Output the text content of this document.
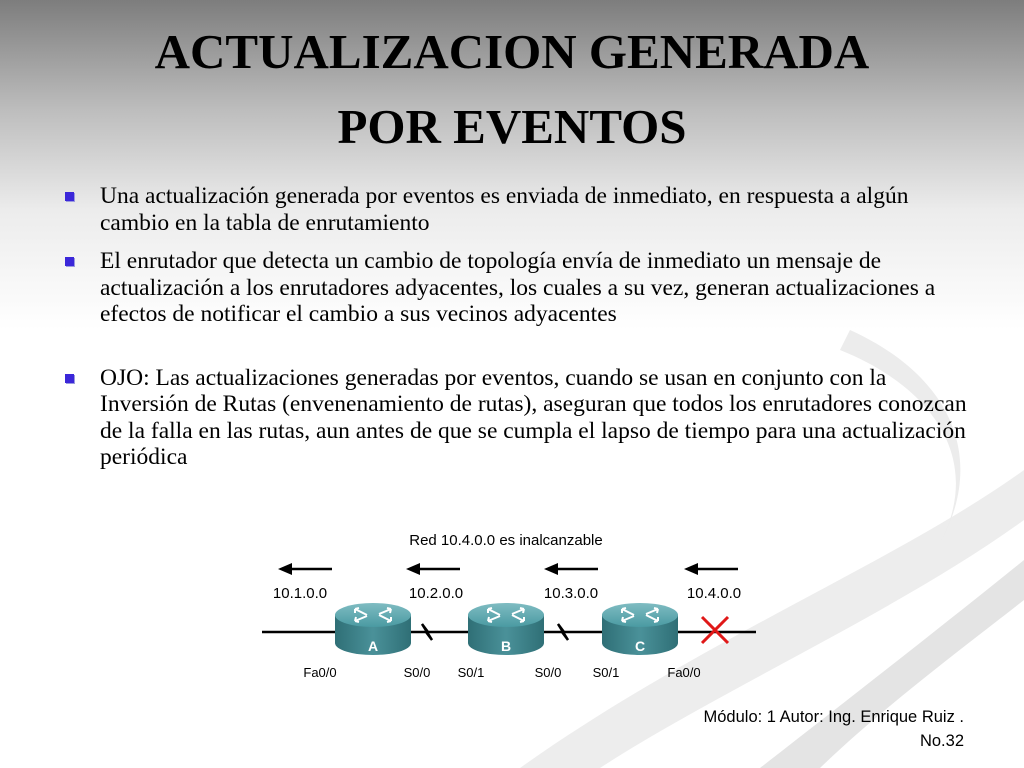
ACTUALIZACION GENERADA
POR EVENTOS
Una actualización generada por eventos es enviada de inmediato, en respuesta a algún cambio en la tabla de enrutamiento
El enrutador que detecta un cambio de topología envía de inmediato un mensaje de actualización a los enrutadores adyacentes, los cuales a su vez, generan actualizaciones a efectos de notificar el cambio a sus vecinos adyacentes
OJO: Las actualizaciones generadas por eventos, cuando se usan en conjunto con la Inversión de Rutas (envenenamiento de rutas), aseguran que todos los enrutadores conozcan de la falla en las rutas, aun antes de que se cumpla el lapso de tiempo para una actualización periódica
Red 10.4.0.0 es inalcanzable
10.1.0.0	10.2.0.0	10.3.0.0	10.4.0.0
A	B	C
Fa0/0	S0/0 S0/1	S0/0 S0/1	Fa0/0
Módulo: 1 Autor: Ing. Enrique Ruiz .
No.32
